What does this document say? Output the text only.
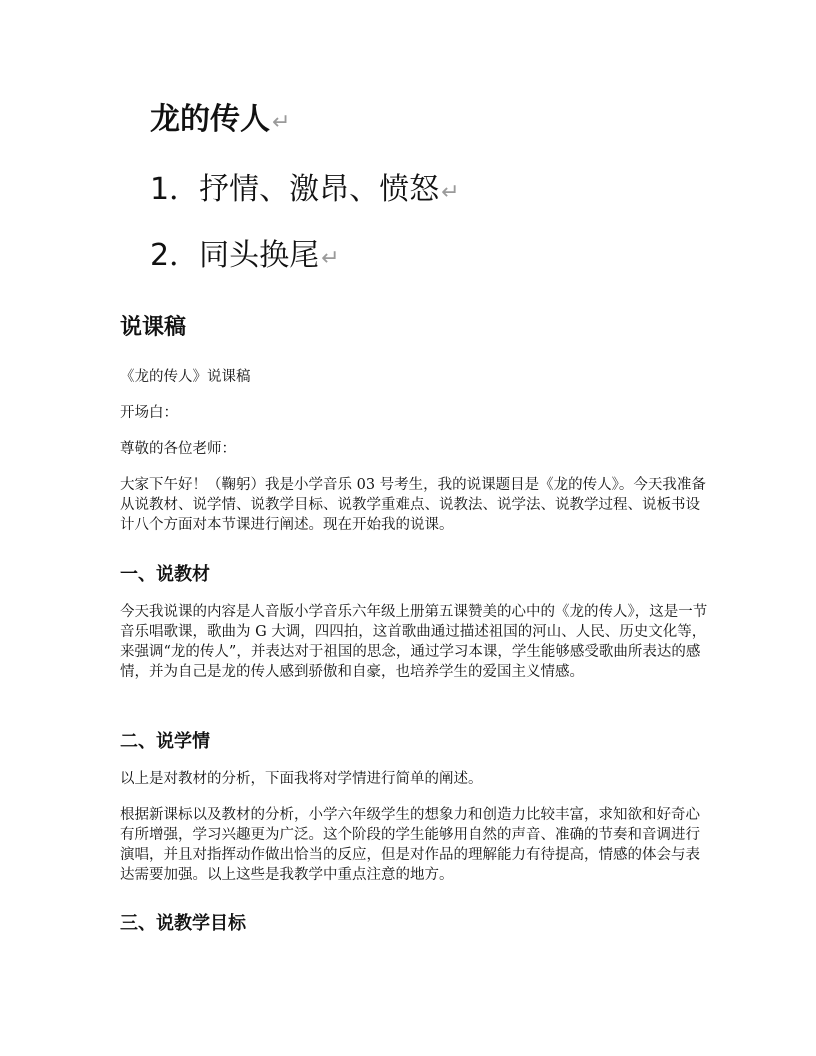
龙的传人↵
1．抒情、激昂、愤怒↵
2．同头换尾↵
说课稿

《龙的传人》说课稿

开场白：

尊敬的各位老师：

大家下午好！（鞠躬）我是小学音乐 03 号考生，我的说课题目是《龙的传人》。今天我准备从说教材、说学情、说教学目标、说教学重难点、说教法、说学法、说教学过程、说板书设计八个方面对本节课进行阐述。现在开始我的说课。

一、说教材

今天我说课的内容是人音版小学音乐六年级上册第五课赞美的心中的《龙的传人》，这是一节音乐唱歌课，歌曲为 G 大调，四四拍，这首歌曲通过描述祖国的河山、人民、历史文化等，来强调“龙的传人”，并表达对于祖国的思念，通过学习本课，学生能够感受歌曲所表达的感情，并为自己是龙的传人感到骄傲和自豪，也培养学生的爱国主义情感。

二、说学情

以上是对教材的分析，下面我将对学情进行简单的阐述。

根据新课标以及教材的分析，小学六年级学生的想象力和创造力比较丰富，求知欲和好奇心有所增强，学习兴趣更为广泛。这个阶段的学生能够用自然的声音、准确的节奏和音调进行演唱，并且对指挥动作做出恰当的反应，但是对作品的理解能力有待提高，情感的体会与表达需要加强。以上这些是我教学中重点注意的地方。

三、说教学目标
